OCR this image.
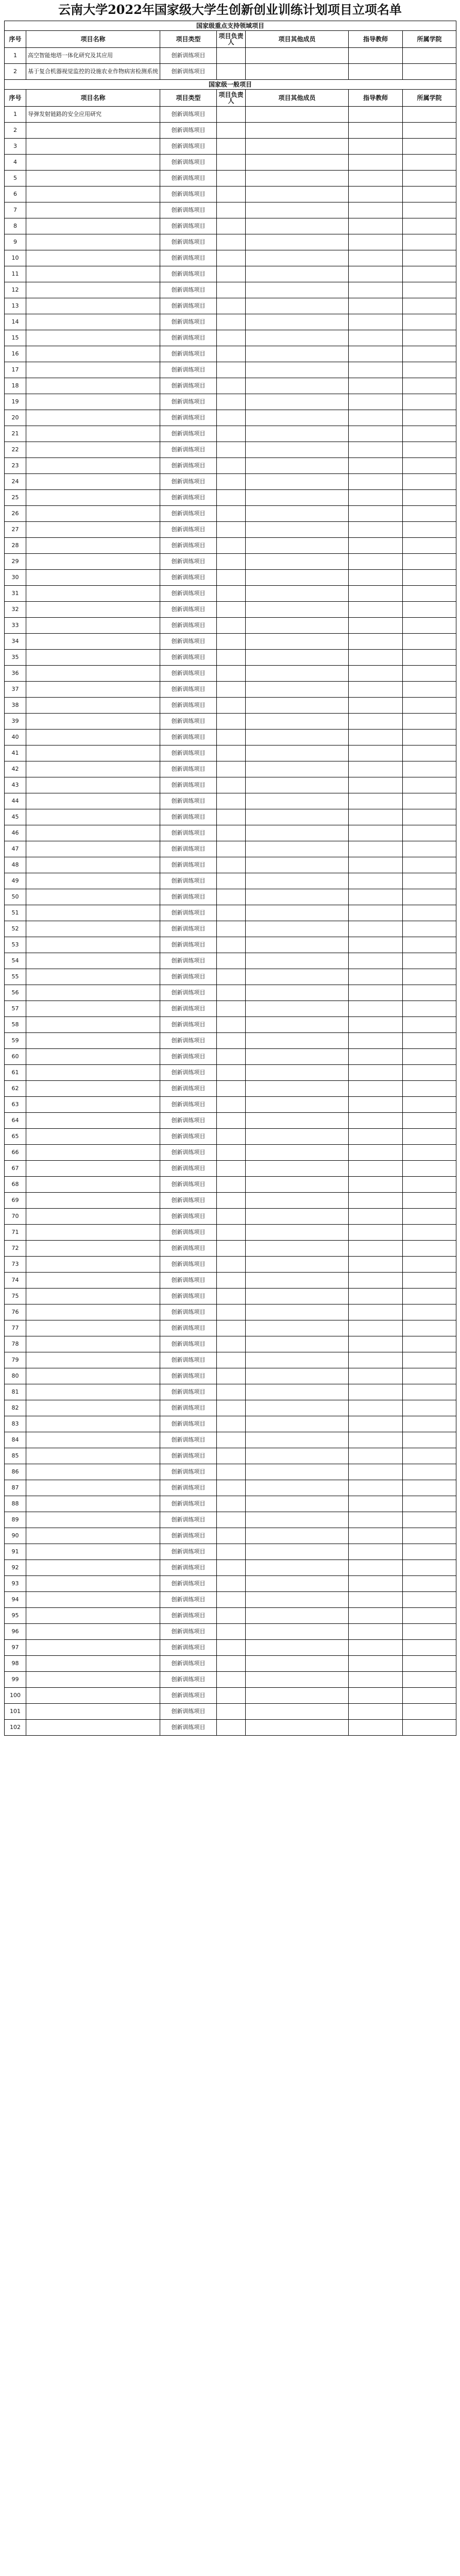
云南大学2022年国家级大学生创新创业训练计划项目立项名单
国家级重点支持领域项目						
序号	项目名称	项目类型	项目负责人	项目其他成员	指导教师	所属学院
1	高空智能炮塔一体化研究及其应用	创新训练项目				
2	基于复合机器视觉监控的设施农业作物病害检测系统	创新训练项目				
国家级一般项目						
序号	项目名称	项目类型	项目负责人	项目其他成员	指导教师	所属学院
1	导弹发射链路的安全应用研究	创新训练项目				
2		创新训练项目				
3		创新训练项目				
4		创新训练项目				
5		创新训练项目				
6		创新训练项目				
7		创新训练项目				
8		创新训练项目				
9		创新训练项目				
10		创新训练项目				
11		创新训练项目				
12		创新训练项目				
13		创新训练项目				
14		创新训练项目				
15		创新训练项目				
16		创新训练项目				
17		创新训练项目				
18		创新训练项目				
19		创新训练项目				
20		创新训练项目				
21		创新训练项目				
22		创新训练项目				
23		创新训练项目				
24		创新训练项目				
25		创新训练项目				
26		创新训练项目				
27		创新训练项目				
28		创新训练项目				
29		创新训练项目				
30		创新训练项目				
31		创新训练项目				
32		创新训练项目				
33		创新训练项目				
34		创新训练项目				
35		创新训练项目				
36		创新训练项目				
37		创新训练项目				
38		创新训练项目				
39		创新训练项目				
40		创新训练项目				
41		创新训练项目				
42		创新训练项目				
43		创新训练项目				
44		创新训练项目				
45		创新训练项目				
46		创新训练项目				
47		创新训练项目				
48		创新训练项目				
49		创新训练项目				
50		创新训练项目				
51		创新训练项目				
52		创新训练项目				
53		创新训练项目				
54		创新训练项目				
55		创新训练项目				
56		创新训练项目				
57		创新训练项目				
58		创新训练项目				
59		创新训练项目				
60		创新训练项目				
61		创新训练项目				
62		创新训练项目				
63		创新训练项目				
64		创新训练项目				
65		创新训练项目				
66		创新训练项目				
67		创新训练项目				
68		创新训练项目				
69		创新训练项目				
70		创新训练项目				
71		创新训练项目				
72		创新训练项目				
73		创新训练项目				
74		创新训练项目				
75		创新训练项目				
76		创新训练项目				
77		创新训练项目				
78		创新训练项目				
79		创新训练项目				
80		创新训练项目				
81		创新训练项目				
82		创新训练项目				
83		创新训练项目				
84		创新训练项目				
85		创新训练项目				
86		创新训练项目				
87		创新训练项目				
88		创新训练项目				
89		创新训练项目				
90		创新训练项目				
91		创新训练项目				
92		创新训练项目				
93		创新训练项目				
94		创新训练项目				
95		创新训练项目				
96		创新训练项目				
97		创新训练项目				
98		创新训练项目				
99		创新训练项目				
100		创新训练项目				
101		创新训练项目				
102		创新训练项目				
